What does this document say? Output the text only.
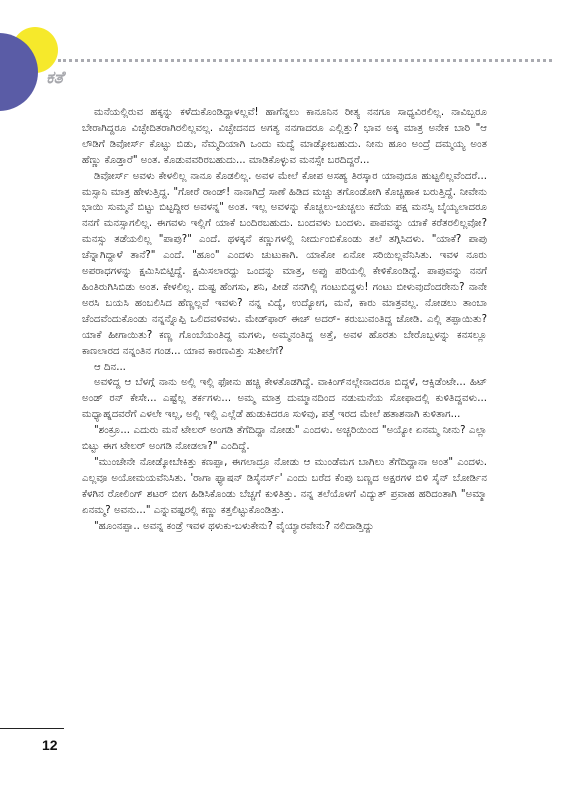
ಕತೆ

ಮನೆಯಲ್ಲಿರುವ ಹಕ್ಕನ್ನು ಕಳೆದುಕೊಂಡಿದ್ದಾಳಲ್ಲವೆ! ಹಾಗೆನ್ನಲು ಕಾನೂನಿನ ರೀತ್ಯ ನನಗೂ ಸಾಧ್ಯವಿರಲಿಲ್ಲ. ನಾವಿಬ್ಬರೂ ಬೇರಾಗಿದ್ದರೂ ವಿಚ್ಛೇದಿತರಾಗಿರಲಿಲ್ಲವಲ್ಲ. ವಿಚ್ಛೇದನದ ಅಗತ್ಯ ನನಗಾದರೂ ಎಲ್ಲಿತ್ತು? ಭಾವ ಅಕ್ಕ ಮಾತ್ರ ಅನೇಕ ಬಾರಿ "ಆ ಲೌಡಿಗೆ ಡಿವೋರ್ಸ್ ಕೊಟ್ಟು ಬಿಡು, ನೆಮ್ಮದಿಯಾಗಿ ಒಂದು ಮದ್ವೆ ಮಾಡ್ಕೋಬಹುದು. ನೀನು ಹೂಂ ಅಂದ್ರೆ ದಮ್ಮಯ್ಯ ಅಂತ ಹೆಣ್ಣು ಕೊಡ್ತಾರೆ" ಅಂತ. ಕೊಡುವವರಿರಬಹುದು... ಮಾಡಿಕೊಳ್ಳುವ ಮನಸ್ಸೇ ಬರದಿದ್ದರೆ...

ಡಿವೋರ್ಸ್ ಅವಳು ಕೇಳಲಿಲ್ಲ ನಾನೂ ಕೊಡಲಿಲ್ಲ. ಅವಳ ಮೇಲೆ ಕೋಪ ಅಸಹ್ಯ ತಿರಸ್ಕಾರ ಯಾವುದೂ ಹುಟ್ಟಲಿಲ್ಲವೆಂದರೆ... ಮಸ್ಸಾನಿ ಮಾತ್ರ ಹೇಳುತ್ತಿದ್ದ. "ಗೋರೆ ರಾಂಡ್! ನಾನಾಗಿದ್ರೆ ಸಾಣೆ ಹಿಡಿದ ಮಚ್ಚು ತಗೊಂಡೋಗಿ ಕೊಚ್ಚಿಹಾಕ ಬರುತ್ತಿದ್ದೆ. ನೀವೇನು ಭಾಯಿ ಸುಮ್ಮನೆ ಬಿಟ್ಟು ಬಿಟ್ಟದ್ದೀರ ಅವಳನ್ನ" ಅಂತ. ಇಲ್ಲ ಅವಳನ್ನು ಕೊಚ್ಚಲು-ಚುಚ್ಚಲು ಕದೆಯ ಪಕ್ಷ ಮನಸ್ಸಿ ಬೈಯ್ಯಲಾದರೂ ನನಗೆ ಮನಸ್ಸಾಗಲಿಲ್ಲ. ಈಗವಳು ಇಲ್ಲಿಗೆ ಯಾಕೆ ಬಂದಿರಬಹುದು. ಬಂದವಳು ಬಂದಳು. ಪಾಪವನ್ನು ಯಾಕೆ ಕರೆತರಲಿಲ್ಲವೋ? ಮನಸ್ಸು ತಡೆಯಲಿಲ್ಲ "ಪಾಪು?" ಎಂದೆ. ಥಳಕ್ಕನೆ ಕಣ್ಣುಗಳಲ್ಲಿ ನೀರ್ದುಂಬಿಕೊಂಡು ತಲೆ ತಗ್ಗಿಸಿದಳು. "ಯಾಕೆ? ಪಾಪು ಚೆನ್ನಾಗಿದ್ದಾಳೆ ತಾನೆ?" ಎಂದೆ. "ಹೂಂ" ಎಂದಳು ಚುಟುಕಾಗಿ. ಯಾಕೋ ಏನೋ ಸರಿಯಿಲ್ಲವೆನಿಸಿತು. ಇವಳ ನೂರು ಅಪರಾಧಗಳನ್ನು ಕ್ಷಮಿಸಿಬಿಟ್ಟಿದ್ದೆ. ಕ್ಷಮಿಸಲಾರದ್ದು ಒಂದನ್ನು ಮಾತ್ರ, ಅಪ್ಪು ಪರಿಯಲ್ಲಿ ಕೇಳಿಕೊಂಡಿದ್ದೆ. ಪಾಪುವನ್ನು ನನಗೆ ಹಿಂತಿರುಗಿಸಿಬಿಡು ಅಂತ. ಕೇಳಲಿಲ್ಲ. ದುಷ್ಟ ಹೆಂಗಸು, ಶನಿ, ಪೀಡೆ ನನಗಿಲ್ಲಿ ಗಂಟುಬಿದ್ದಳು! ಗಂಟು ಬೀಳುವುದೆಂದರೇನು? ನಾನೇ ಅರಸಿ ಬಯಸಿ ಹಂಬಲಿಸಿದ ಹೆಣ್ಣಲ್ಲವೆ ಇವಳು? ನನ್ನ ವಿದ್ಯೆ, ಉದ್ಯೋಗ, ಮನೆ, ಕಾರು ಮಾತ್ರವಲ್ಲ. ನೋಡಲು ತಾಂಬಾ ಚೆಂದವೆಂದುಕೊಂಡು ನನ್ನನ್ನೊಪ್ಪಿ ಒಲಿದವಳಿವಳು. ಮೇಡ್‌ಫಾರ್ ಈಚ್ ಅದರ್- ಕರುಬುವಂತಿದ್ದ ಜೋಡಿ. ಎಲ್ಲಿ ತಪ್ಪಾಯಿತು? ಯಾಕೆ ಹೀಗಾಯಿತು? ಕಣ್ಣ ಗೊಂಬೆಯಂತಿದ್ದ ಮಗಳು, ಅಮ್ಮನಂತಿದ್ದ ಅತ್ತೆ, ಅವಳ ಹೊರತು ಬೇರೊಬ್ಬಳನ್ನು ಕನಸಲ್ಲೂ ಕಾಣಲಾರದ ನನ್ನಂತಿನ ಗಂಡ... ಯಾವ ಕಾರಣವಿತ್ತು ಸುಶೀಲೆಗೆ?

ಆ ದಿನ...

ಅವಳಿದ್ದ ಆ ಬೆಳಗ್ಗೆ ನಾನು ಅಲ್ಲಿ ಇಲ್ಲಿ ಫೋನು ಹಚ್ಚಿ ಕೇಳತೊಡಗಿದ್ದೆ. ವಾಕಿಂಗ್‌ನಲ್ಲೇನಾದರೂ ಬಿದ್ದಳೆ, ಆಕ್ಸಿಡೆಂಟೇ... ಹಿಟ್ ಅಂಡ್ ರನ್ ಕೇಸೇ... ಎಷ್ಟೆಲ್ಲ ತರ್ಕಗಳು... ಅಮ್ಮ ಮಾತ್ರ ದುಮ್ಮಾನದಿಂದ ನಡುಮನೆಯ ಸೋಫಾದಲ್ಲಿ ಕುಳಿತಿದ್ದವಳು... ಮಧ್ಯಾಹ್ನದವರೆಗೆ ಎಳಲೇ ಇಲ್ಲ, ಅಲ್ಲಿ ಇಲ್ಲಿ ಎಲ್ಲೆಡೆ ಹುಡುಕಿದರೂ ಸುಳಿವು, ಪತ್ತೆ ಇರದ ಮೇಲೆ ಹತಾಶನಾಗಿ ಕುಳಿತಾಗ...

"ಶಂಕ್ರೂ... ಎದುರು ಮನೆ ಟೇಲರ್ ಅಂಗಡಿ ತೆಗೆದಿದ್ದಾ ನೋಡು" ಎಂದಳು. ಅಚ್ಚರಿಯಿಂದ "ಅಯ್ಯೋ ಏನಮ್ಮ ನೀನು? ಎಲ್ಲಾ ಬಿಟ್ಟು ಈಗ ಟೇಲರ್ ಅಂಗಡಿ ನೋಡಲಾ?" ಎಂದಿದ್ದೆ.

"ಮುಂಚೇನೇ ನೋಡ್ಕೋಬೇಕಿತ್ತು ಕಣಪ್ಪಾ, ಈಗಲಾದ್ರೂ ನೋಡು ಆ ಮುಂಡೆಮಗ ಬಾಗಿಲು ತೆಗೆದಿದ್ದಾನಾ ಅಂತ" ಎಂದಳು. ಎಲ್ಲವೂ ಅಯೋಮಯವೆನಿಸಿತು. 'ರಾಗಾ ಫ್ಯಾಷನ್ ಡಿಸೈನರ್ಸ್' ಎಂದು ಬರೆದ ಕೆಂಪು ಬಣ್ಣದ ಅಕ್ಷರಗಳ ಬಿಳಿ ಸೈನ್ ಬೋರ್ಡಿನ ಕೆಳಗಿನ ರೋಲಿಂಗ್ ಶಟರ್ ಬೀಗ ಹಿಡಿಸಿಕೊಂಡು ಬೆಚ್ಚಗೆ ಕುಳಿತಿತ್ತು. ನನ್ನ ತಲೆಯೊಳಗೆ ವಿದ್ಯುತ್ ಪ್ರವಾಹ ಹರಿದಂತಾಗಿ "ಅಮ್ಮಾ ಏನಮ್ಮ? ಅವನು..." ಎನ್ನುವಷ್ಟರಲ್ಲಿ ಕಣ್ಣು ಕತ್ತಲಿಟ್ಟುಕೊಂಡಿತ್ತು.

"ಹೂಂನಪ್ಪಾ.. ಅವನ್ನ ಕಂಡ್ರೆ ಇವಳ ಥಳುಕು-ಬಳುಕೇನು? ವೈಯ್ಯಾರವೇನು? ನಲಿದಾಡ್ತಿದ್ದು

12
